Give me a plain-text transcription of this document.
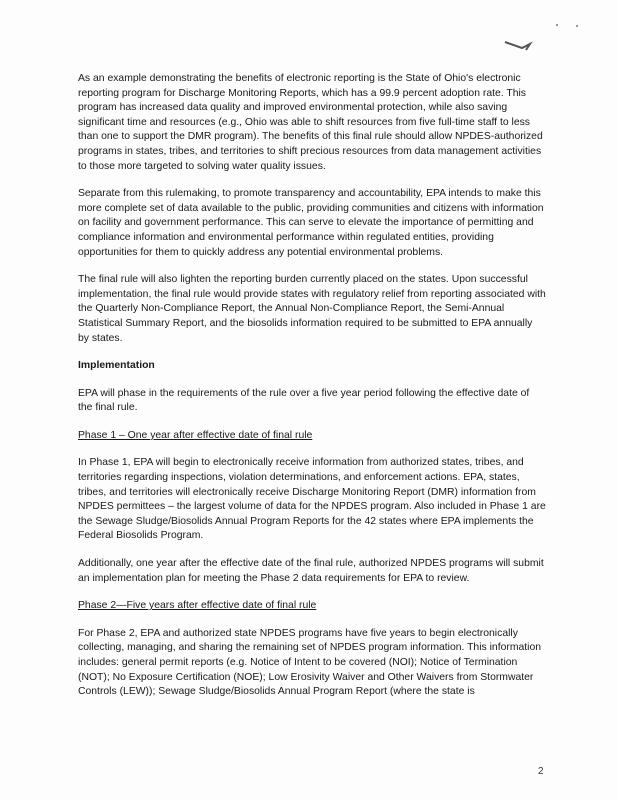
As an example demonstrating the benefits of electronic reporting is the State of Ohio's electronic reporting program for Discharge Monitoring Reports, which has a 99.9 percent adoption rate. This program has increased data quality and improved environmental protection, while also saving significant time and resources (e.g., Ohio was able to shift resources from five full-time staff to less than one to support the DMR program). The benefits of this final rule should allow NPDES-authorized programs in states, tribes, and territories to shift precious resources from data management activities to those more targeted to solving water quality issues.

Separate from this rulemaking, to promote transparency and accountability, EPA intends to make this more complete set of data available to the public, providing communities and citizens with information on facility and government performance. This can serve to elevate the importance of permitting and compliance information and environmental performance within regulated entities, providing opportunities for them to quickly address any potential environmental problems.

The final rule will also lighten the reporting burden currently placed on the states. Upon successful implementation, the final rule would provide states with regulatory relief from reporting associated with the Quarterly Non-Compliance Report, the Annual Non-Compliance Report, the Semi-Annual Statistical Summary Report, and the biosolids information required to be submitted to EPA annually by states.

Implementation

EPA will phase in the requirements of the rule over a five year period following the effective date of the final rule.

Phase 1 – One year after effective date of final rule

In Phase 1, EPA will begin to electronically receive information from authorized states, tribes, and territories regarding inspections, violation determinations, and enforcement actions. EPA, states, tribes, and territories will electronically receive Discharge Monitoring Report (DMR) information from NPDES permittees – the largest volume of data for the NPDES program. Also included in Phase 1 are the Sewage Sludge/Biosolids Annual Program Reports for the 42 states where EPA implements the Federal Biosolids Program.

Additionally, one year after the effective date of the final rule, authorized NPDES programs will submit an implementation plan for meeting the Phase 2 data requirements for EPA to review.

Phase 2—Five years after effective date of final rule

For Phase 2, EPA and authorized state NPDES programs have five years to begin electronically collecting, managing, and sharing the remaining set of NPDES program information. This information includes: general permit reports (e.g. Notice of Intent to be covered (NOI); Notice of Termination (NOT); No Exposure Certification (NOE); Low Erosivity Waiver and Other Waivers from Stormwater Controls (LEW)); Sewage Sludge/Biosolids Annual Program Report (where the state is

2
